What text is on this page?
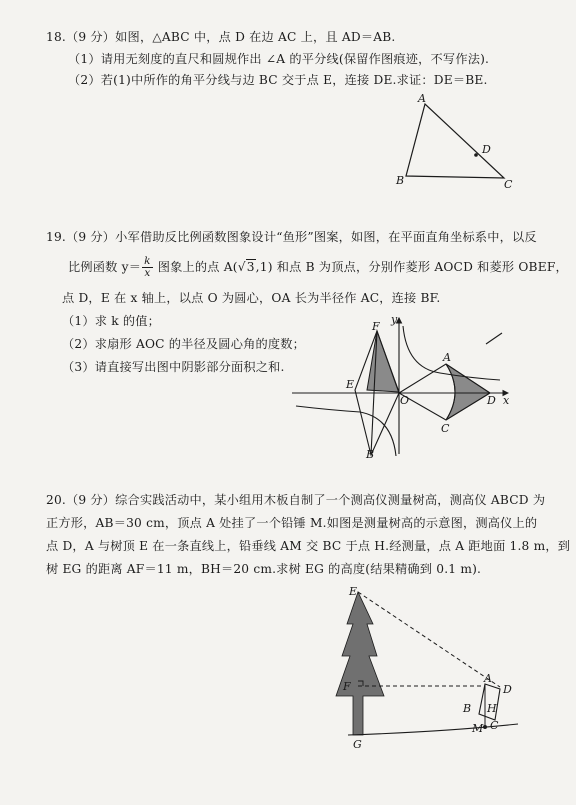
18.（9 分）如图，△ABC 中，点 D 在边 AC 上，且 AD＝AB.
（1）请用无刻度的直尺和圆规作出 ∠A 的平分线(保留作图痕迹，不写作法).
（2）若(1)中所作的角平分线与边 BC 交于点 E，连接 DE.求证：DE＝BE.
A
B	C
D
19.（9 分）小军借助反比例函数图象设计“鱼形”图案，如图，在平面直角坐标系中，以反
比例函数 $y= \frac{k}{x}$ 图象上的点 A(√3,1) 和点 B 为顶点，分别作菱形 AOCD 和菱形 OBEF，
点 D，E 在 x 轴上，以点 O 为圆心，OA 长为半径作 AC，连接 BF.
（1）求 k 的值；
（2）求扇形 AOC 的半径及圆心角的度数；
（3）请直接写出图中阴影部分面积之和.
F
y
A
E
O	D x
C
B
20.（9 分）综合实践活动中，某小组用木板自制了一个测高仪测量树高，测高仪 ABCD 为
正方形，AB＝30 cm，顶点 A 处挂了一个铅锤 M.如图是测量树高的示意图，测高仪上的
点 D，A 与树顶 E 在一条直线上，铅垂线 AM 交 BC 于点 H.经测量，点 A 距地面 1.8 m，到
树 EG 的距离 AF＝11 m，BH＝20 cm.求树 EG 的高度(结果精确到 0.1 m).
E
F
G
A
D
B H
M C
